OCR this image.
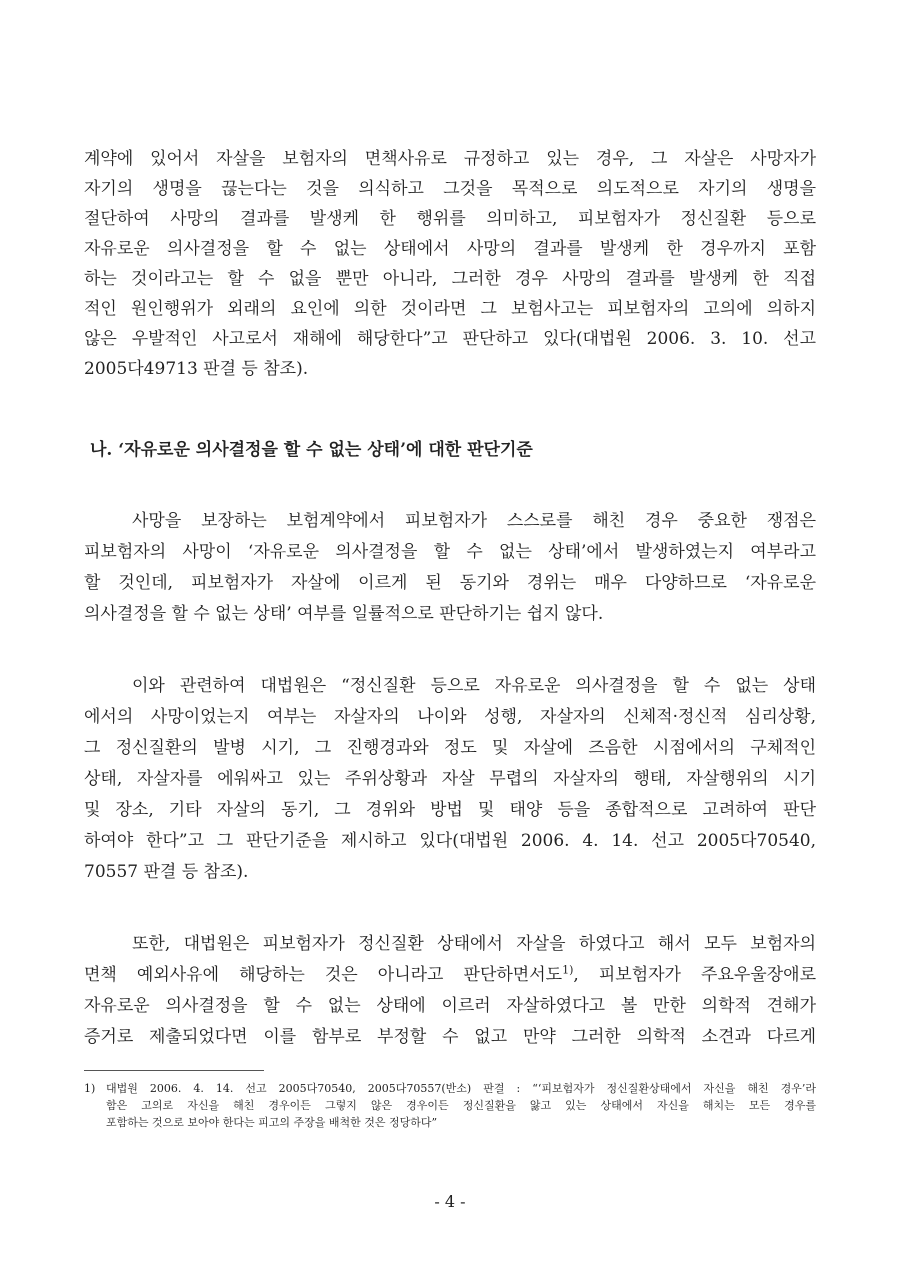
계약에 있어서 자살을 보험자의 면책사유로 규정하고 있는 경우, 그 자살은 사망자가
자기의 생명을 끊는다는 것을 의식하고 그것을 목적으로 의도적으로 자기의 생명을
절단하여 사망의 결과를 발생케 한 행위를 의미하고, 피보험자가 정신질환 등으로
자유로운 의사결정을 할 수 없는 상태에서 사망의 결과를 발생케 한 경우까지 포함
하는 것이라고는 할 수 없을 뿐만 아니라, 그러한 경우 사망의 결과를 발생케 한 직접
적인 원인행위가 외래의 요인에 의한 것이라면 그 보험사고는 피보험자의 고의에 의하지
않은 우발적인 사고로서 재해에 해당한다”고 판단하고 있다(대법원 2006. 3. 10. 선고
2005다49713 판결 등 참조).
나. ‘자유로운 의사결정을 할 수 없는 상태’에 대한 판단기준
사망을 보장하는 보험계약에서 피보험자가 스스로를 해친 경우 중요한 쟁점은
피보험자의 사망이 ‘자유로운 의사결정을 할 수 없는 상태’에서 발생하였는지 여부라고
할 것인데, 피보험자가 자살에 이르게 된 동기와 경위는 매우 다양하므로 ‘자유로운
의사결정을 할 수 없는 상태’ 여부를 일률적으로 판단하기는 쉽지 않다.
이와 관련하여 대법원은 “정신질환 등으로 자유로운 의사결정을 할 수 없는 상태
에서의 사망이었는지 여부는 자살자의 나이와 성행, 자살자의 신체적·정신적 심리상황,
그 정신질환의 발병 시기, 그 진행경과와 정도 및 자살에 즈음한 시점에서의 구체적인
상태, 자살자를 에워싸고 있는 주위상황과 자살 무렵의 자살자의 행태, 자살행위의 시기
및 장소, 기타 자살의 동기, 그 경위와 방법 및 태양 등을 종합적으로 고려하여 판단
하여야 한다”고 그 판단기준을 제시하고 있다(대법원 2006. 4. 14. 선고 2005다70540,
70557 판결 등 참조).
또한, 대법원은 피보험자가 정신질환 상태에서 자살을 하였다고 해서 모두 보험자의
면책 예외사유에 해당하는 것은 아니라고 판단하면서도$^{1)}$, 피보험자가 주요우울장애로
자유로운 의사결정을 할 수 없는 상태에 이르러 자살하였다고 볼 만한 의학적 견해가
증거로 제출되었다면 이를 함부로 부정할 수 없고 만약 그러한 의학적 소견과 다르게
1) 대법원 2006. 4. 14. 선고 2005다70540, 2005다70557(반소) 판결 : “‘피보험자가 정신질환상태에서 자신을 해친 경우’라
함은 고의로 자신을 해친 경우이든 그렇지 않은 경우이든 정신질환을 앓고 있는 상태에서 자신을 해치는 모든 경우를
포함하는 것으로 보아야 한다는 피고의 주장을 배척한 것은 정당하다”
- 4 -
